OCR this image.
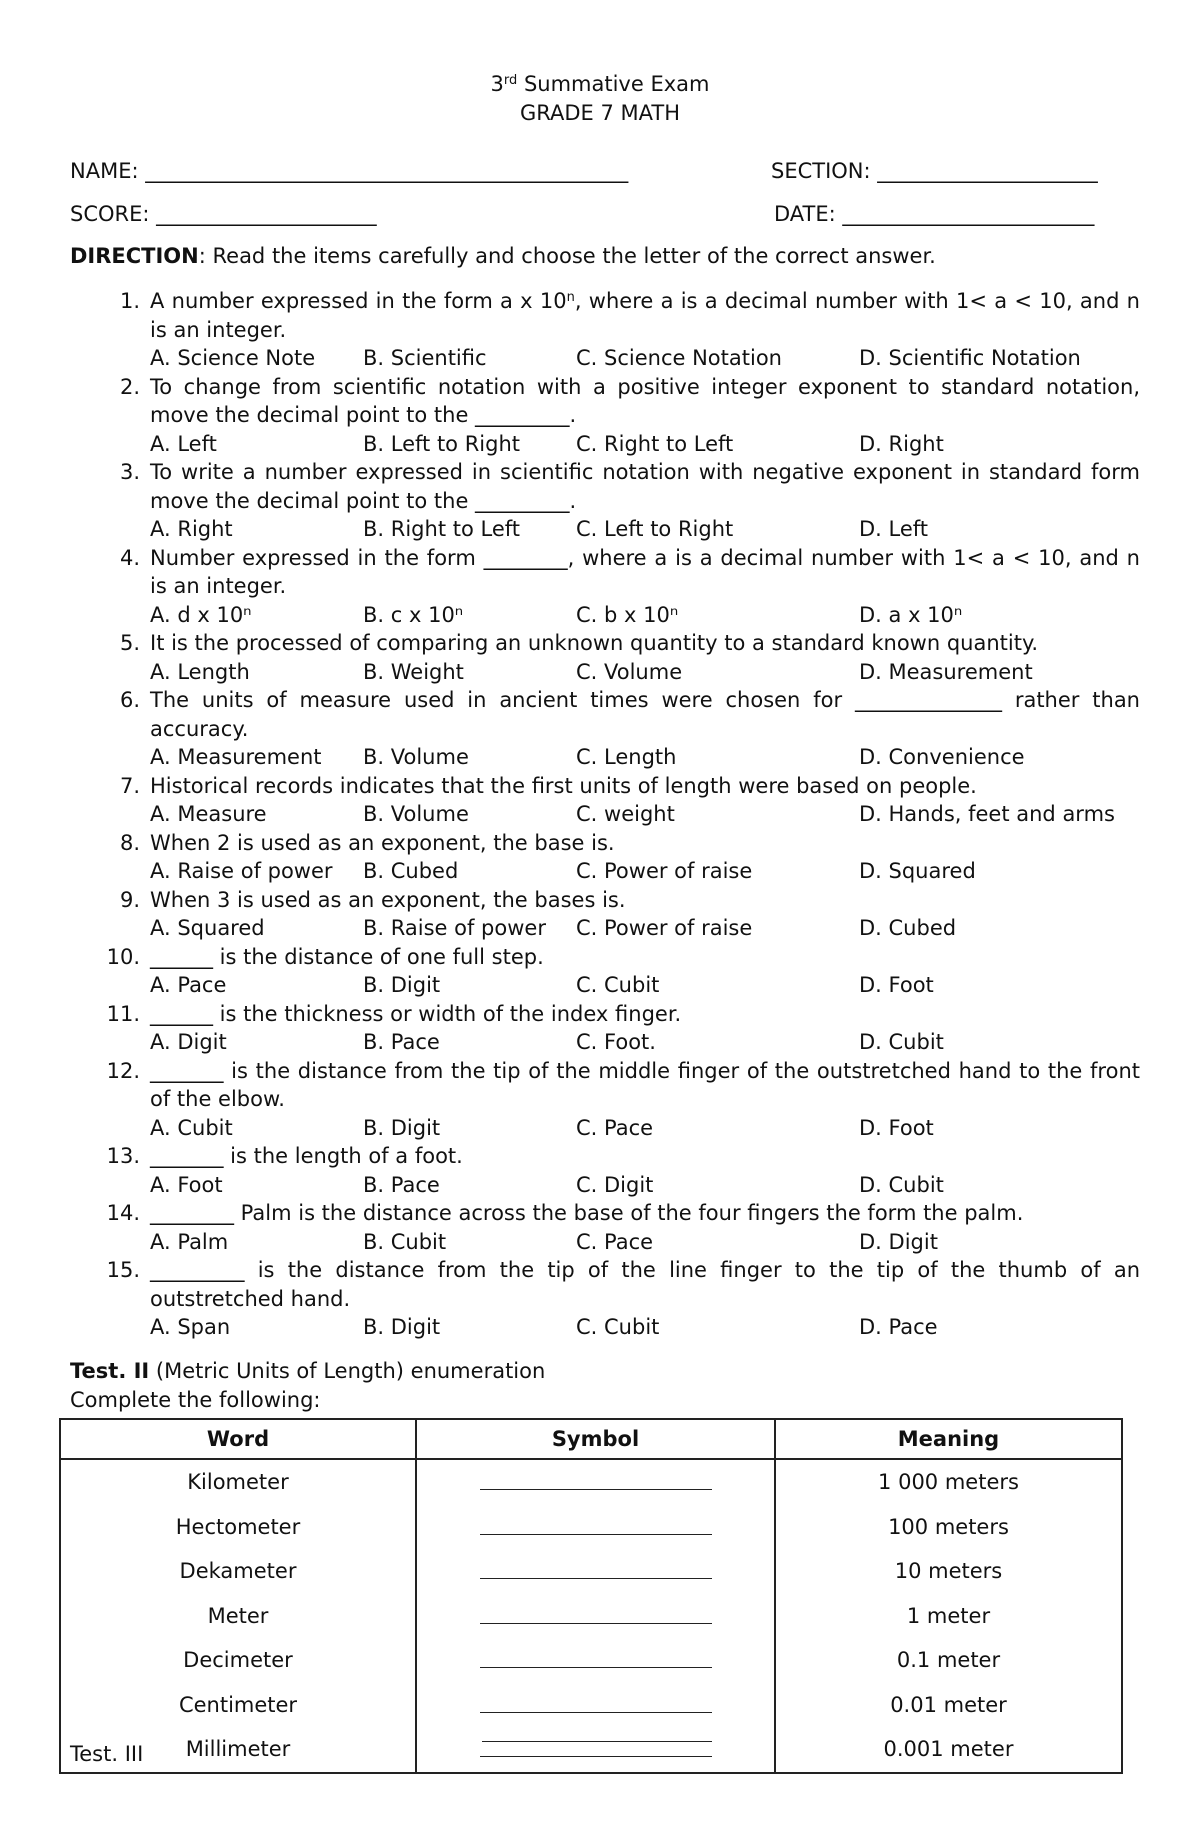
3rd Summative Exam
GRADE 7 MATH
NAME: ______________________________________________	SECTION: _____________________
SCORE: _____________________	DATE: ________________________
DIRECTION: Read the items carefully and choose the letter of the correct answer.
1. A number expressed in the form a x 10$^n$, where a is a decimal number with 1< a < 10, and n is an integer.
A. Science Note	B. Scientific	C. Science Notation	D. Scientific Notation
2. To change from scientific notation with a positive integer exponent to standard notation, move the decimal point to the _________.
A. Left	B. Left to Right	C. Right to Left	D. Right
3. To write a number expressed in scientific notation with negative exponent in standard form move the decimal point to the _________.
A. Right	B. Right to Left	C. Left to Right	D. Left
4. Number expressed in the form ________, where a is a decimal number with 1< a < 10, and n is an integer.
A. d x 10ⁿ	B. c x 10ⁿ	C. b x 10ⁿ	D. a x 10ⁿ
5. It is the processed of comparing an unknown quantity to a standard known quantity.
A. Length	B. Weight	C. Volume	D. Measurement
6. The units of measure used in ancient times were chosen for ______________ rather than accuracy.
A. Measurement	B. Volume	C. Length	D. Convenience
7. Historical records indicates that the first units of length were based on people.
A. Measure	B. Volume	C. weight	D. Hands, feet and arms
8. When 2 is used as an exponent, the base is.
A. Raise of power	B. Cubed	C. Power of raise	D. Squared
9. When 3 is used as an exponent, the bases is.
A. Squared	B. Raise of power	C. Power of raise	D. Cubed
10. ______ is the distance of one full step.
A. Pace	B. Digit	C. Cubit	D. Foot
11. ______ is the thickness or width of the index finger.
A. Digit	B. Pace	C. Foot.	D. Cubit
12. _______ is the distance from the tip of the middle finger of the outstretched hand to the front of the elbow.
A. Cubit	B. Digit	C. Pace	D. Foot
13. _______ is the length of a foot.
A. Foot	B. Pace	C. Digit	D. Cubit
14. ________ Palm is the distance across the base of the four fingers the form the palm.
A. Palm	B. Cubit	C. Pace	D. Digit
15. _________ is the distance from the tip of the line finger to the tip of the thumb of an outstretched hand.
A. Span	B. Digit	C. Cubit	D. Pace
Test. II (Metric Units of Length) enumeration
Complete the following:
Word	Symbol	Meaning
Kilometer		1 000 meters
Hectometer		100 meters
Dekameter		10 meters
Meter		1 meter
Decimeter		0.1 meter
Centimeter		0.01 meter
Millimeter		0.001 meter
Test. III
